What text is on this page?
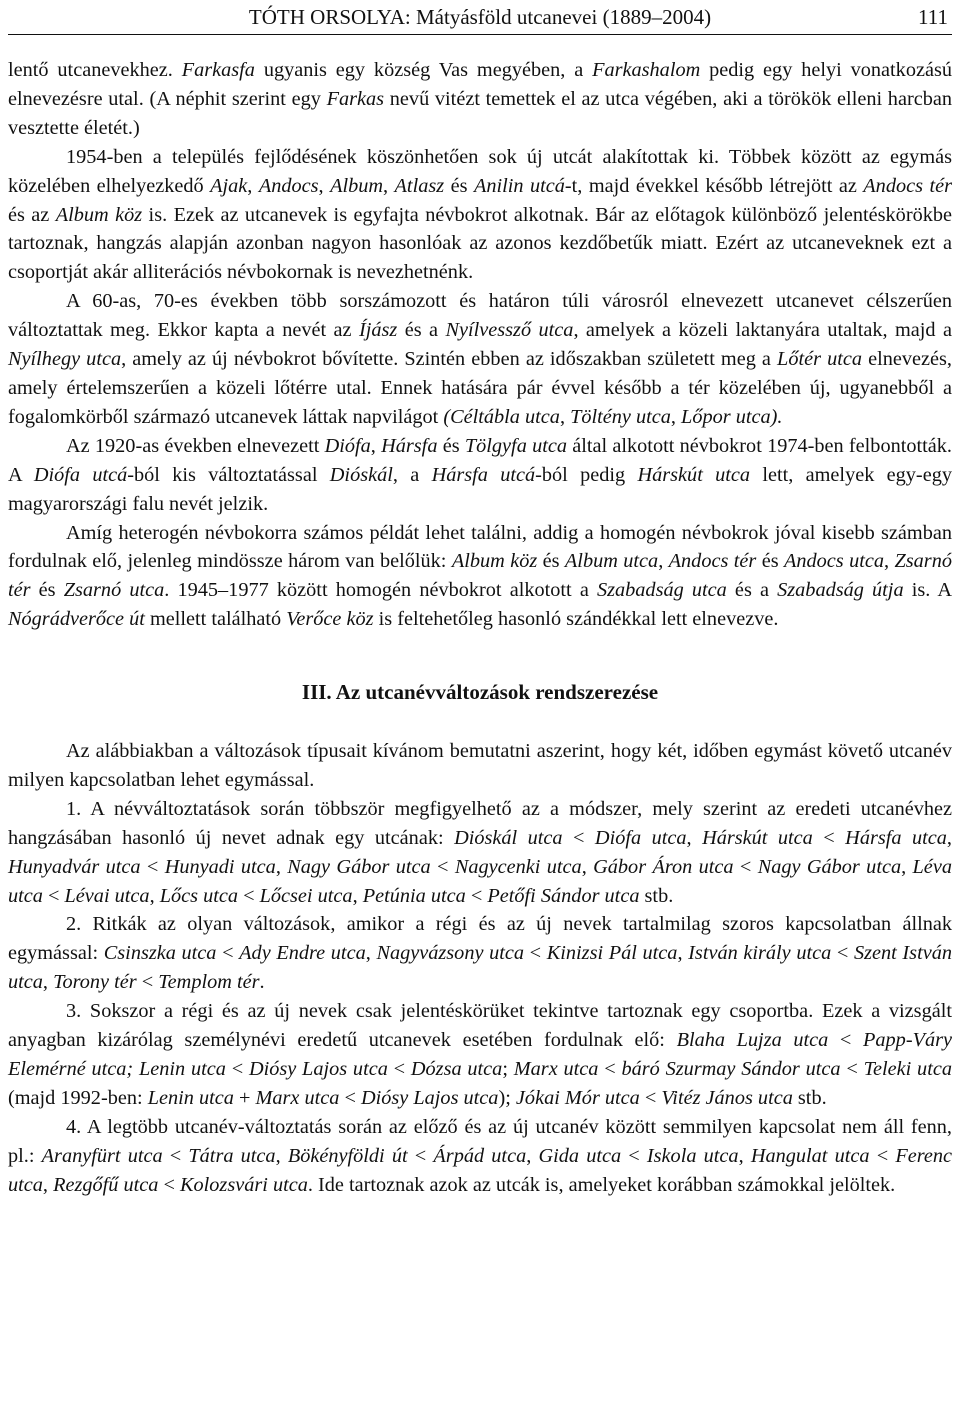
TÓTH ORSOLYA: Mátyásföld utcanevei (1889–2004)	111

lentő utcanevekhez. Farkasfa ugyanis egy község Vas megyében, a Farkashalom pedig egy helyi vonatkozású elnevezésre utal. (A néphit szerint egy Farkas nevű vitézt temettek el az utca végében, aki a törökök elleni harcban vesztette életét.)

1954-ben a település fejlődésének köszönhetően sok új utcát alakítottak ki. Többek között az egymás közelében elhelyezkedő Ajak, Andocs, Album, Atlasz és Anilin utcá-t, majd évekkel később létrejött az Andocs tér és az Album köz is. Ezek az utcanevek is egyfajta névbokrot alkotnak. Bár az előtagok különböző jelentéskörökbe tartoznak, hangzás alapján azonban nagyon hasonlóak az azonos kezdőbetűk miatt. Ezért az utcaneveknek ezt a csoportját akár alliterációs névbokornak is nevezhetnénk.

A 60-as, 70-es években több sorszámozott és határon túli városról elnevezett utcanevet célszerűen változtattak meg. Ekkor kapta a nevét az Íjász és a Nyílvessző utca, amelyek a közeli laktanyára utaltak, majd a Nyílhegy utca, amely az új névbokrot bővítette. Szintén ebben az időszakban született meg a Lőtér utca elnevezés, amely értelemszerűen a közeli lőtérre utal. Ennek hatására pár évvel később a tér közelében új, ugyanebből a fogalomkörből származó utcanevek láttak napvilágot (Céltábla utca, Töltény utca, Lőpor utca).

Az 1920-as években elnevezett Diófa, Hársfa és Tölgyfa utca által alkotott névbokrot 1974-ben felbontották. A Diófa utcá-ból kis változtatással Dióskál, a Hársfa utcá-ból pedig Hárskút utca lett, amelyek egy-egy magyarországi falu nevét jelzik.

Amíg heterogén névbokorra számos példát lehet találni, addig a homogén névbokrok jóval kisebb számban fordulnak elő, jelenleg mindössze három van belőlük: Album köz és Album utca, Andocs tér és Andocs utca, Zsarnó tér és Zsarnó utca. 1945–1977 között homogén névbokrot alkotott a Szabadság utca és a Szabadság útja is. A Nógrádverőce út mellett található Verőce köz is feltehetőleg hasonló szándékkal lett elnevezve.

III. Az utcanévváltozások rendszerezése

Az alábbiakban a változások típusait kívánom bemutatni aszerint, hogy két, időben egymást követő utcanév milyen kapcsolatban lehet egymással.

1. A névváltoztatások során többször megfigyelhető az a módszer, mely szerint az eredeti utcanévhez hangzásában hasonló új nevet adnak egy utcának: Dióskál utca < Diófa utca, Hárskút utca < Hársfa utca, Hunyadvár utca < Hunyadi utca, Nagy Gábor utca < Nagycenki utca, Gábor Áron utca < Nagy Gábor utca, Léva utca < Lévai utca, Lőcs utca < Lőcsei utca, Petúnia utca < Petőfi Sándor utca stb.

2. Ritkák az olyan változások, amikor a régi és az új nevek tartalmilag szoros kapcsolatban állnak egymással: Csinszka utca < Ady Endre utca, Nagyvázsony utca < Kinizsi Pál utca, István király utca < Szent István utca, Torony tér < Templom tér.

3. Sokszor a régi és az új nevek csak jelentéskörüket tekintve tartoznak egy csoportba. Ezek a vizsgált anyagban kizárólag személynévi eredetű utcanevek esetében fordulnak elő: Blaha Lujza utca < Papp-Váry Elemérné utca; Lenin utca < Diósy Lajos utca < Dózsa utca; Marx utca < báró Szurmay Sándor utca < Teleki utca (majd 1992-ben: Lenin utca + Marx utca < Diósy Lajos utca); Jókai Mór utca < Vitéz János utca stb.

4. A legtöbb utcanév-változtatás során az előző és az új utcanév között semmilyen kapcsolat nem áll fenn, pl.: Aranyfürt utca < Tátra utca, Bökényföldi út < Árpád utca, Gida utca < Iskola utca, Hangulat utca < Ferenc utca, Rezgőfű utca < Kolozsvári utca. Ide tartoznak azok az utcák is, amelyeket korábban számokkal jelöltek.
